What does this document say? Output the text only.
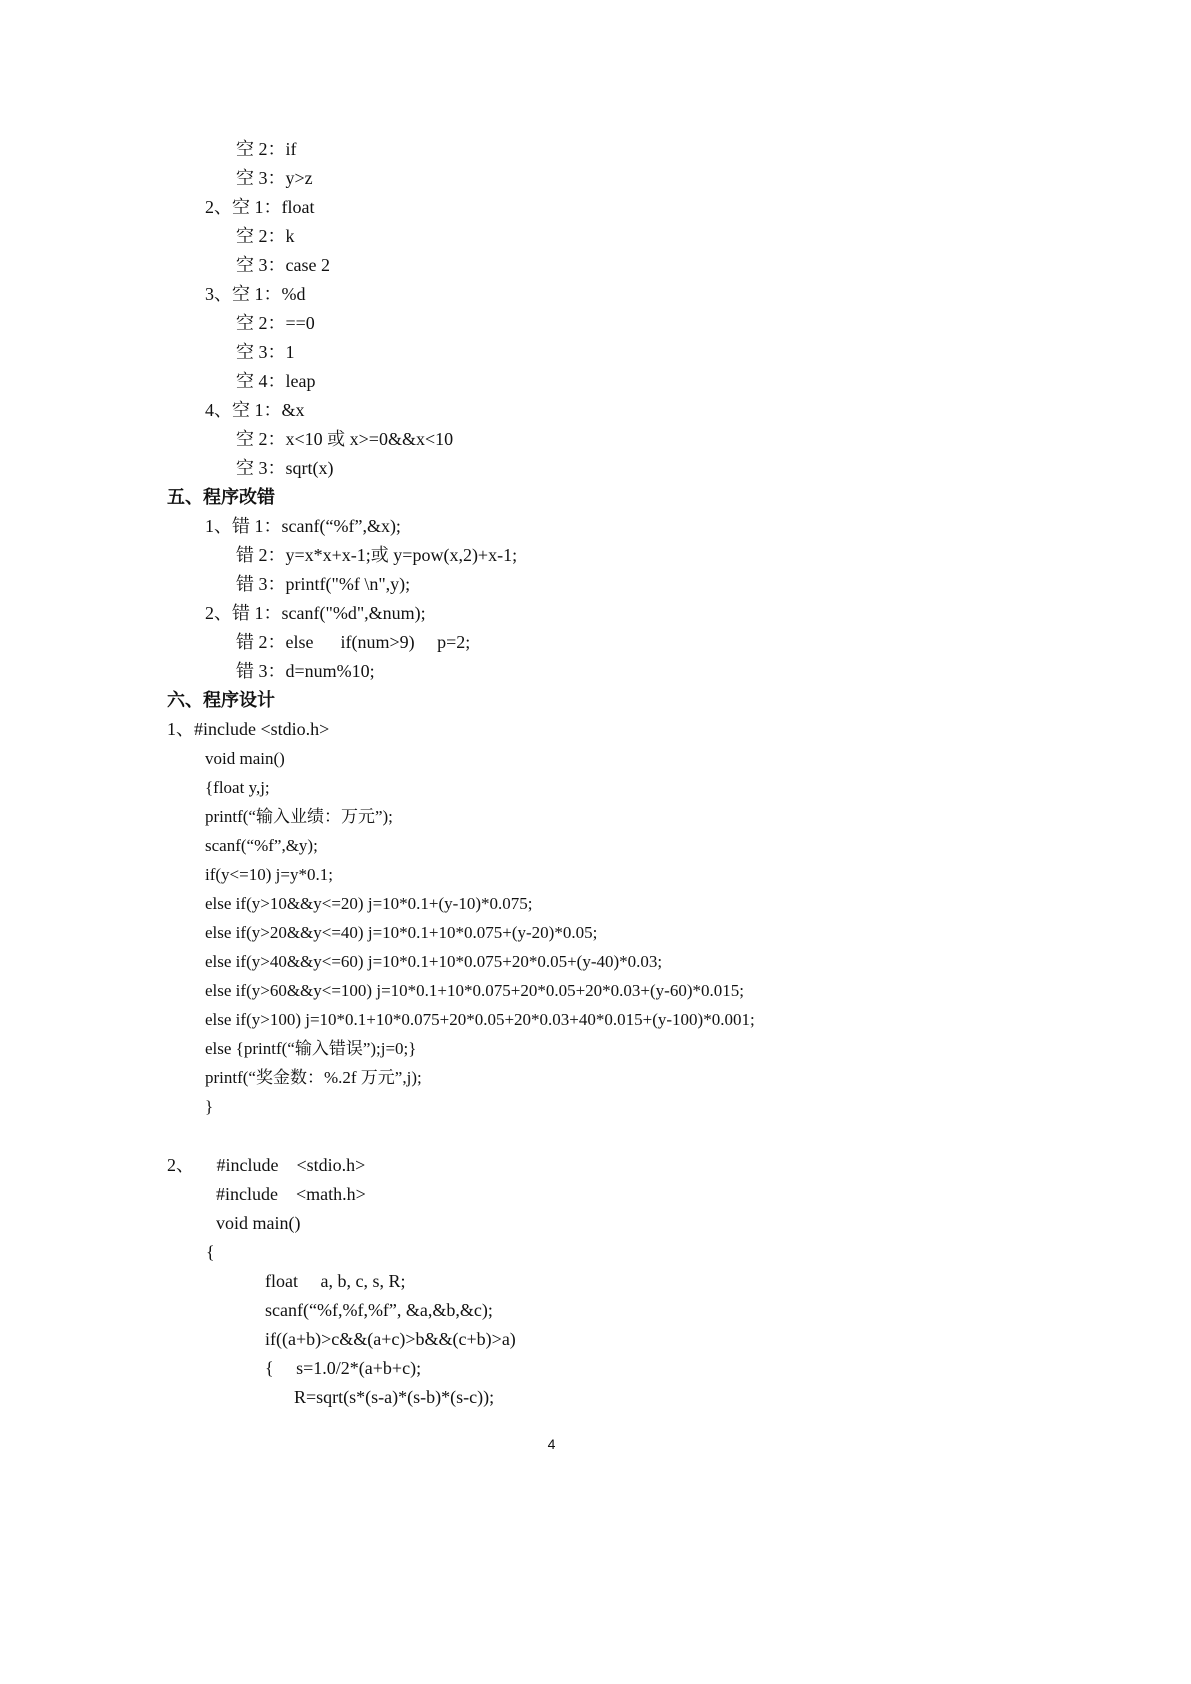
空 2：if

空 3：y>z

2、空 1：float

空 2：k

空 3：case 2

3、空 1：%d

空 2：==0

空 3：1

空 4：leap

4、空 1：&x

空 2：x<10 或 x>=0&&x<10

空 3：sqrt(x)

五、程序改错

1、错 1：scanf(“%f”,&x);

错 2：y=x*x+x-1;或 y=pow(x,2)+x-1;

错 3：printf("%f \n",y);

2、错 1：scanf("%d",&num);

错 2：else      if(num>9)     p=2;

错 3：d=num%10;

六、程序设计

1、#include <stdio.h>

void main()

{float y,j;

printf(“输入业绩：万元”);

scanf(“%f”,&y);

if(y<=10) j=y*0.1;

else if(y>10&&y<=20) j=10*0.1+(y-10)*0.075;

else if(y>20&&y<=40) j=10*0.1+10*0.075+(y-20)*0.05;

else if(y>40&&y<=60) j=10*0.1+10*0.075+20*0.05+(y-40)*0.03;

else if(y>60&&y<=100) j=10*0.1+10*0.075+20*0.05+20*0.03+(y-60)*0.015;

else if(y>100) j=10*0.1+10*0.075+20*0.05+20*0.03+40*0.015+(y-100)*0.001;

else {printf(“输入错误”);j=0;}

printf(“奖金数：%.2f 万元”,j);

}

2、     #include    <stdio.h>

#include    <math.h>

void main()

{

float     a, b, c, s, R;

scanf(“%f,%f,%f”, &a,&b,&c);

if((a+b)>c&&(a+c)>b&&(c+b)>a)

{     s=1.0/2*(a+b+c);

R=sqrt(s*(s-a)*(s-b)*(s-c));

4
